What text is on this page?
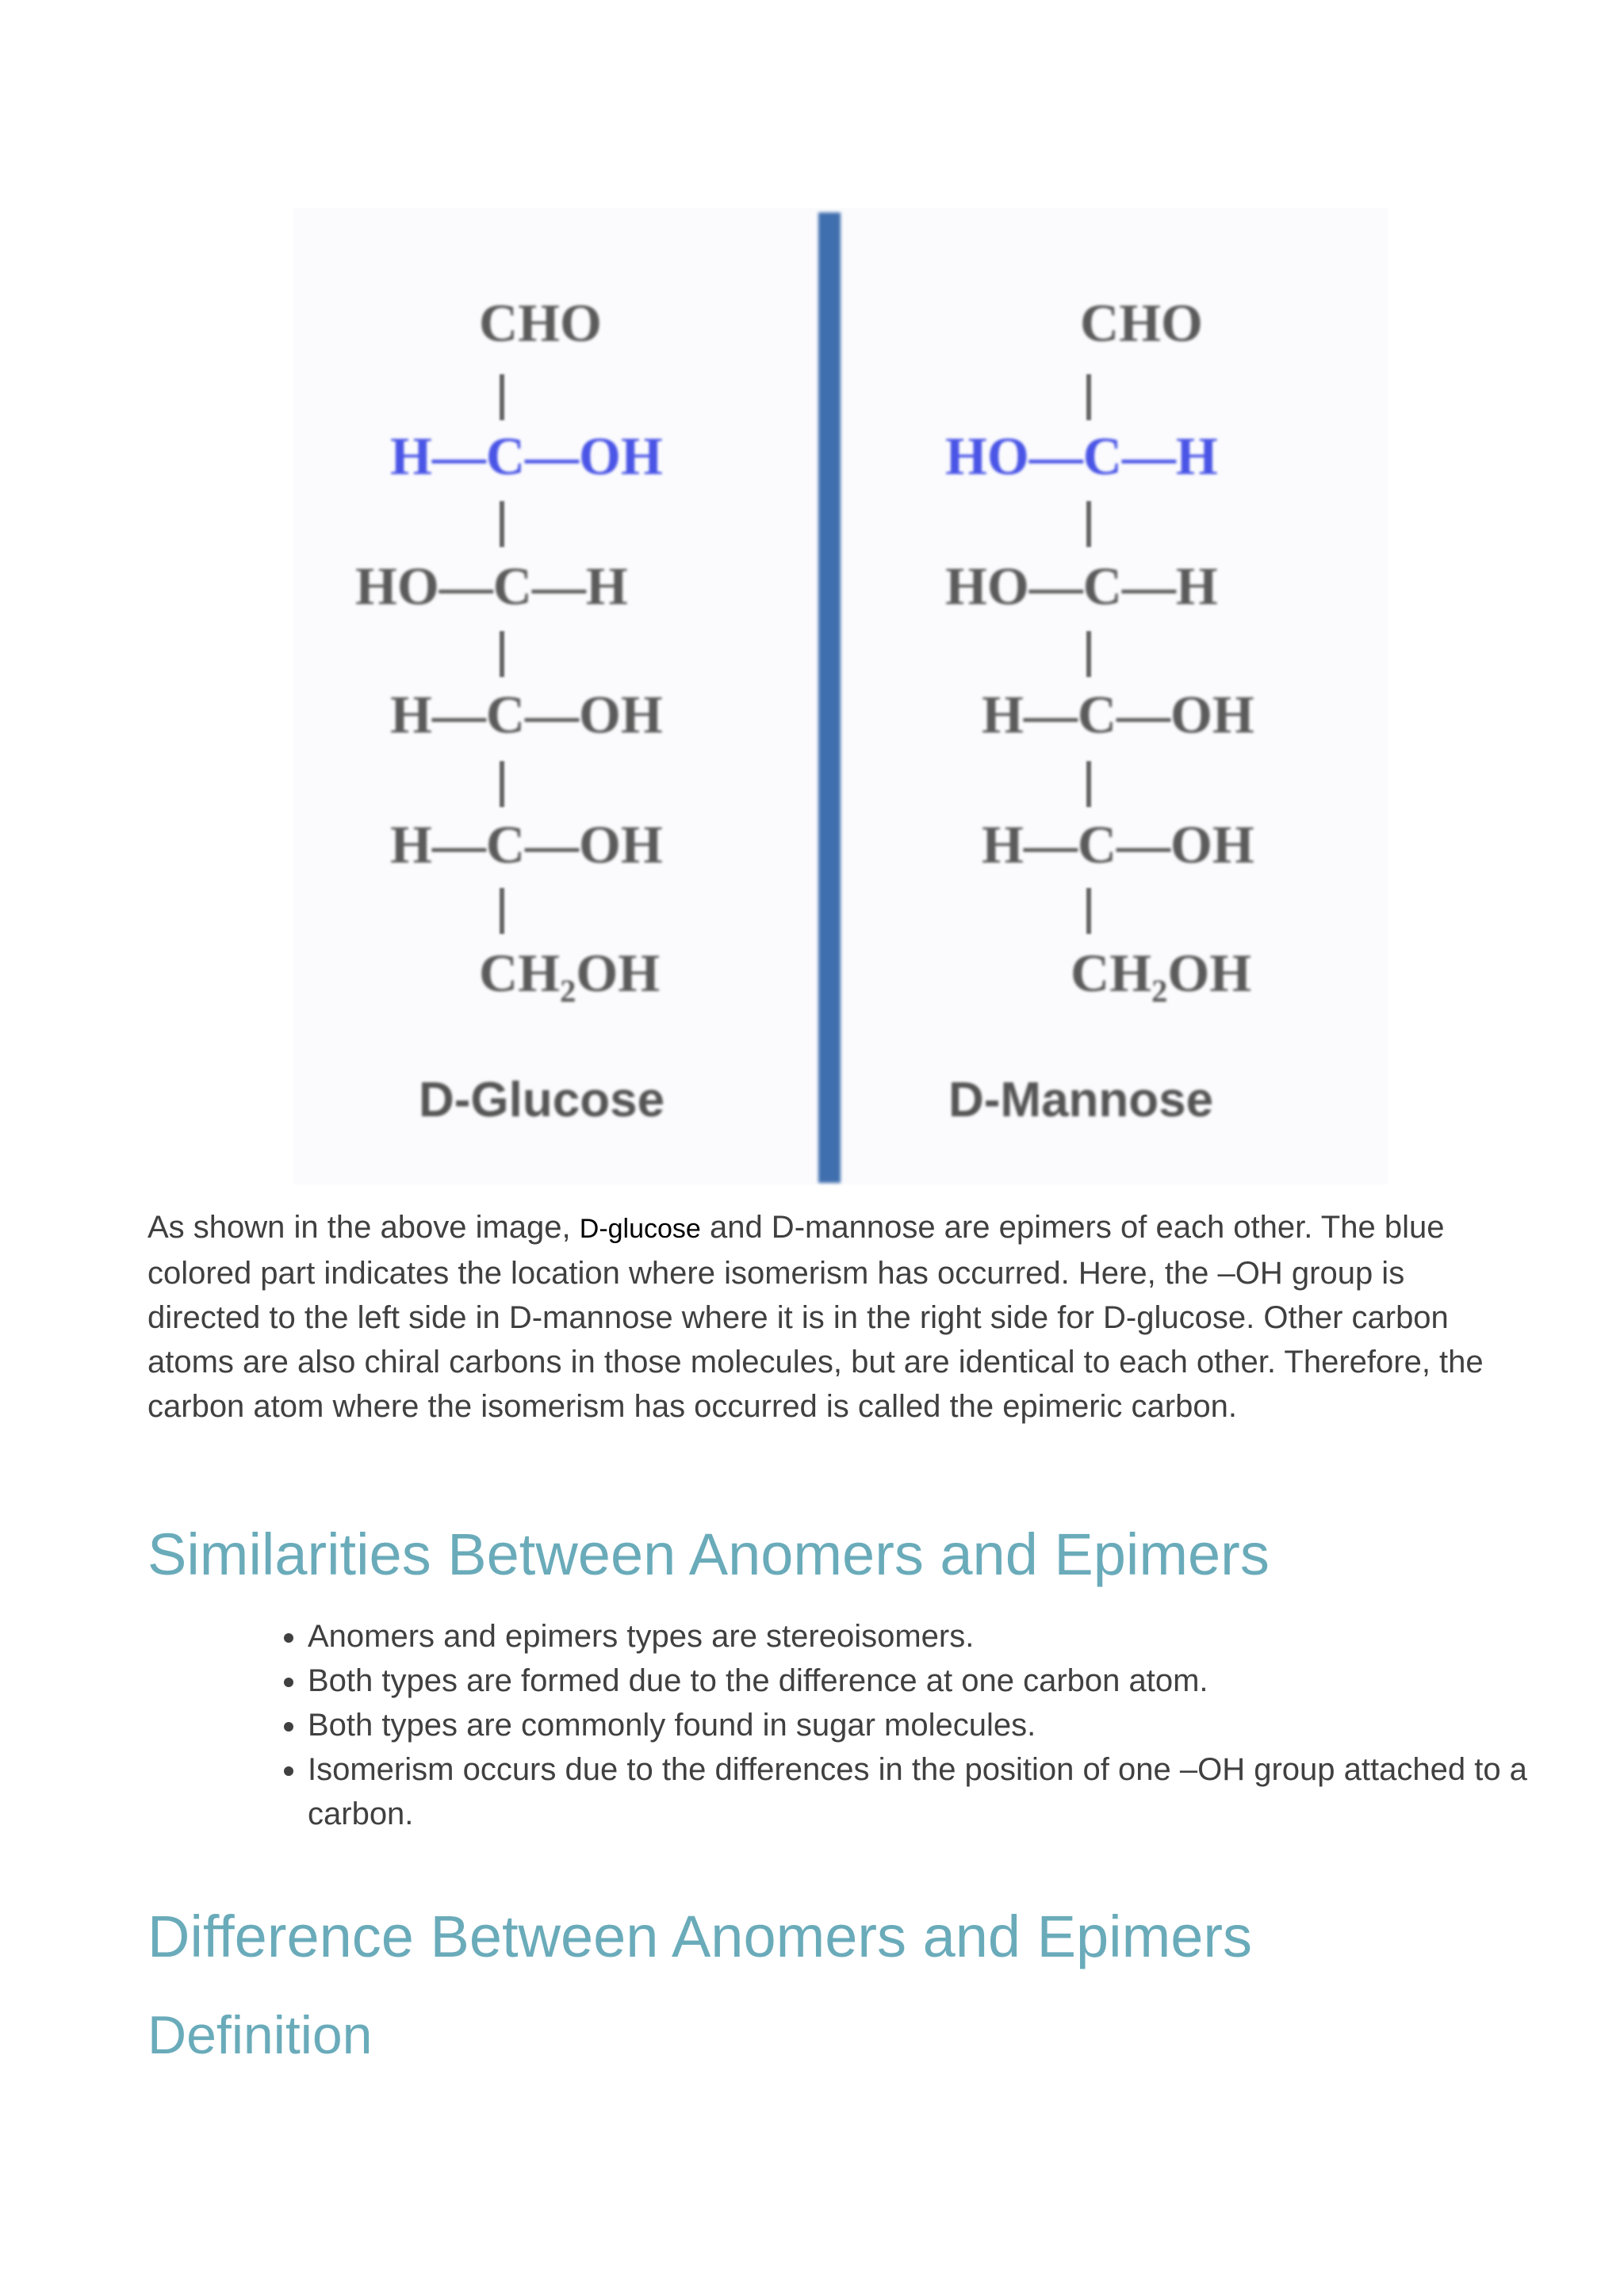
CHO
H—C—OH
HO—C—H
H—C—OH
H—C—OH
CH₂OH
D-Glucose
CHO
HO—C—H
HO—C—H
H—C—OH
H—C—OH
CH₂OH
D-Mannose

As shown in the above image, D-glucose and D-mannose are epimers of each other. The blue colored part indicates the location where isomerism has occurred. Here, the –OH group is directed to the left side in D-mannose where it is in the right side for D-glucose. Other carbon atoms are also chiral carbons in those molecules, but are identical to each other. Therefore, the carbon atom where the isomerism has occurred is called the epimeric carbon.

Similarities Between Anomers and Epimers
• Anomers and epimers types are stereoisomers.
• Both types are formed due to the difference at one carbon atom.
• Both types are commonly found in sugar molecules.
• Isomerism occurs due to the differences in the position of one –OH group attached to a carbon.
Difference Between Anomers and Epimers
Definition
